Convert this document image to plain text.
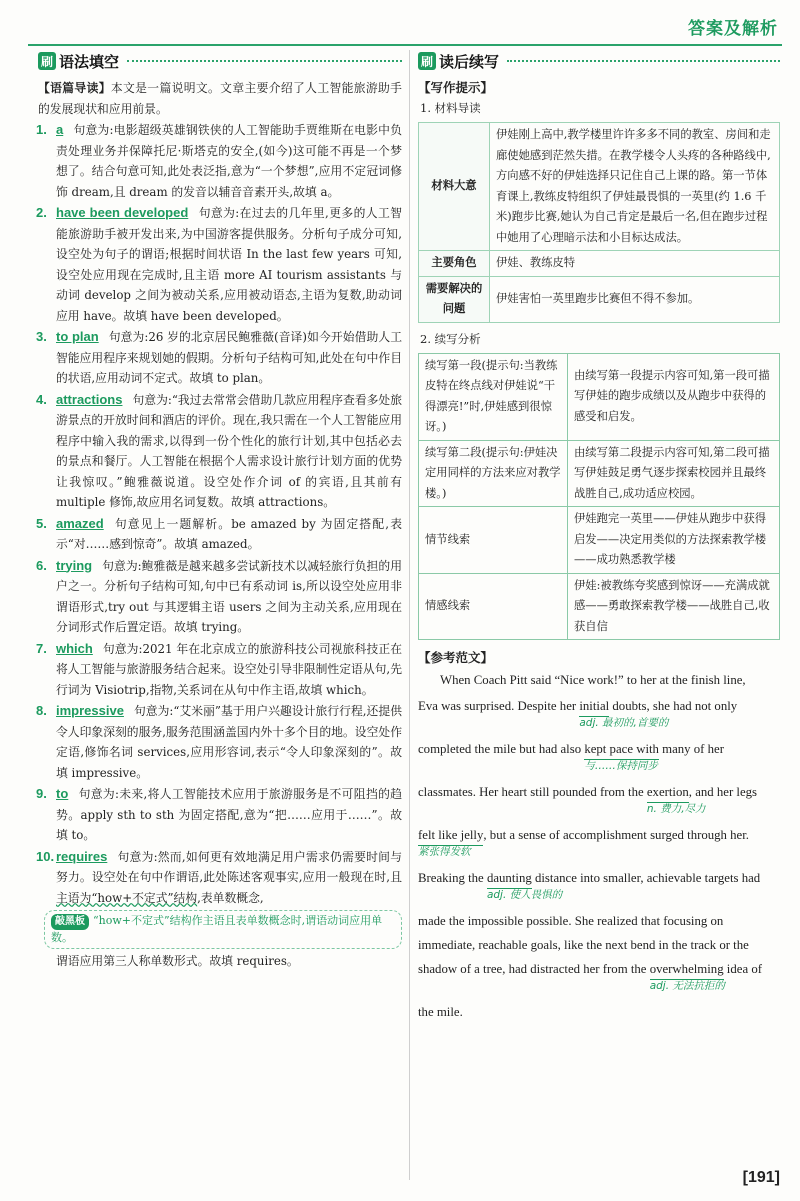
答案及解析
刷 语法填空

【语篇导读】本文是一篇说明文。文章主要介绍了人工智能旅游助手的发展现状和应用前景。

1. a 句意为:电影超级英雄钢铁侠的人工智能助手贾维斯在电影中负责处理业务并保障托尼·斯塔克的安全,(如今)这可能不再是一个梦想了。结合句意可知,此处表泛指,意为“一个梦想”,应用不定冠词修饰 dream,且 dream 的发音以辅音音素开头,故填 a。

2. have been developed 句意为:在过去的几年里,更多的人工智能旅游助手被开发出来,为中国游客提供服务。分析句子成分可知,设空处为句子的谓语;根据时间状语 In the last few years 可知,设空处应用现在完成时,且主语 more AI tourism assistants 与动词 develop 之间为被动关系,应用被动语态,主语为复数,助动词应用 have。故填 have been developed。

3. to plan 句意为:26 岁的北京居民鲍雅薇(音译)如今开始借助人工智能应用程序来规划她的假期。分析句子结构可知,此处在句中作目的状语,应用动词不定式。故填 to plan。

4. attractions 句意为:“我过去常常会借助几款应用程序查看多处旅游景点的开放时间和酒店的评价。现在,我只需在一个人工智能应用程序中输入我的需求,以得到一份个性化的旅行计划,其中包括必去的景点和餐厅。人工智能在根据个人需求设计旅行计划方面的优势让我惊叹。”鲍雅薇说道。设空处作介词 of 的宾语,且其前有 multiple 修饰,故应用名词复数。故填 attractions。

5. amazed 句意见上一题解析。be amazed by 为固定搭配,表示“对……感到惊奇”。故填 amazed。

6. trying 句意为:鲍雅薇是越来越多尝试新技术以减轻旅行负担的用户之一。分析句子结构可知,句中已有系动词 is,所以设空处应用非谓语形式,try out 与其逻辑主语 users 之间为主动关系,应用现在分词形式作后置定语。故填 trying。

7. which 句意为:2021 年在北京成立的旅游科技公司视旅科技正在将人工智能与旅游服务结合起来。设空处引导非限制性定语从句,先行词为 Visiotrip,指物,关系词在从句中作主语,故填 which。

8. impressive 句意为:“艾米丽”基于用户兴趣设计旅行行程,还提供令人印象深刻的服务,服务范围涵盖国内外十多个目的地。设空处作定语,修饰名词 services,应用形容词,表示“令人印象深刻的”。故填 impressive。

9. to 句意为:未来,将人工智能技术应用于旅游服务是不可阻挡的趋势。apply sth to sth 为固定搭配,意为“把……应用于……”。故填 to。

10. requires 句意为:然而,如何更有效地满足用户需求仍需要时间与努力。设空处在句中作谓语,此处陈述客观事实,应用一般现在时,且主语为“how+不定式”结构,表单数概念,

敲黑板 “how+不定式”结构作主语且表单数概念时,谓语动词应用单数。

谓语应用第三人称单数形式。故填 requires。

刷 读后续写
【写作提示】
1. 材料导读
材料大意	伊娃刚上高中,教学楼里许许多多不同的教室、房间和走廊使她感到茫然失措。在教学楼令人头疼的各种路线中,方向感不好的伊娃选择只记住自己上课的路。第一节体育课上,教练皮特组织了伊娃最畏惧的一英里(约 1.6 千米)跑步比赛,她认为自己肯定是最后一名,但在跑步过程中她用了心理暗示法和小目标达成法。
主要角色	伊娃、教练皮特
需要解决的问题	伊娃害怕一英里跑步比赛但不得不参加。
2. 续写分析
续写第一段(提示句:当教练皮特在终点线对伊娃说“干得漂亮!”时,伊娃感到很惊讶。)	由续写第一段提示内容可知,第一段可描写伊娃的跑步成绩以及从跑步中获得的感受和启发。
续写第二段(提示句:伊娃决定用同样的方法来应对教学楼。)	由续写第二段提示内容可知,第二段可描写伊娃鼓足勇气逐步探索校园并且最终战胜自己,成功适应校园。
情节线索	伊娃跑完一英里——伊娃从跑步中获得启发——决定用类似的方法探索教学楼——成功熟悉教学楼
情感线索	伊娃:被教练夸奖感到惊讶——充满成就感——勇敢探索教学楼——战胜自己,收获自信
【参考范文】
When Coach Pitt said “Nice work!” to her at the finish line,
Eva was surprised. Despite her initial
adj. 最初的,首要的
doubts, she had not only
completed the mile but had also kept pace with
与……保持同步
many of her
classmates. Her heart still pounded from the exertion
n. 费力,尽力
, and her legs
felt like jelly
紧张得发软
, but a sense of accomplishment surged through her.
Breaking the daunting
adj. 使人畏惧的
distance into smaller, achievable targets had
made the impossible possible. She realized that focusing on
immediate, reachable goals, like the next bend in the track or the
shadow of a tree, had distracted her from the overwhelming
adj. 无法抗拒的
idea of
the mile.
[191]
